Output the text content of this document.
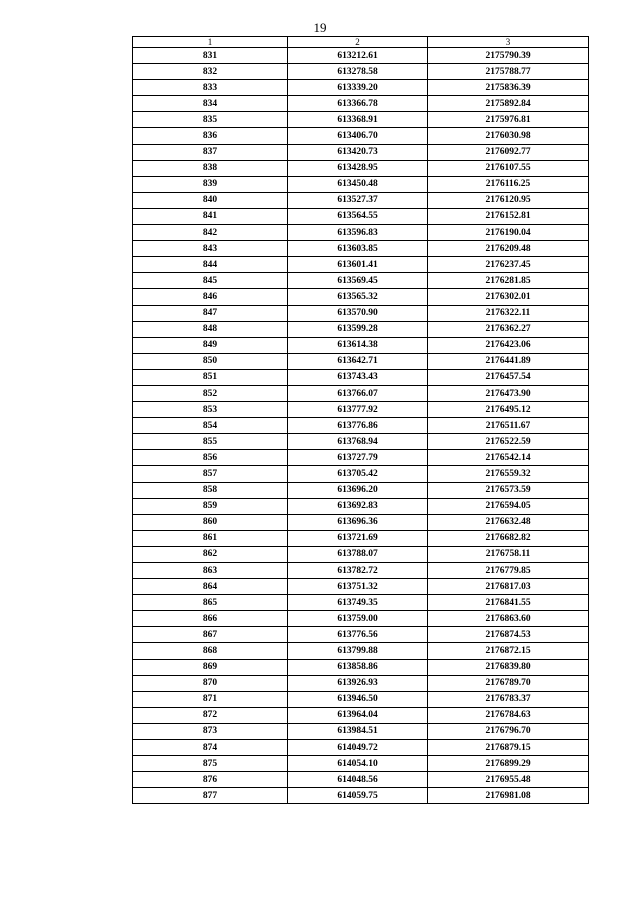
19
1	2	3
831	613212.61	2175790.39
832	613278.58	2175788.77
833	613339.20	2175836.39
834	613366.78	2175892.84
835	613368.91	2175976.81
836	613406.70	2176030.98
837	613420.73	2176092.77
838	613428.95	2176107.55
839	613450.48	2176116.25
840	613527.37	2176120.95
841	613564.55	2176152.81
842	613596.83	2176190.04
843	613603.85	2176209.48
844	613601.41	2176237.45
845	613569.45	2176281.85
846	613565.32	2176302.01
847	613570.90	2176322.11
848	613599.28	2176362.27
849	613614.38	2176423.06
850	613642.71	2176441.89
851	613743.43	2176457.54
852	613766.07	2176473.90
853	613777.92	2176495.12
854	613776.86	2176511.67
855	613768.94	2176522.59
856	613727.79	2176542.14
857	613705.42	2176559.32
858	613696.20	2176573.59
859	613692.83	2176594.05
860	613696.36	2176632.48
861	613721.69	2176682.82
862	613788.07	2176758.11
863	613782.72	2176779.85
864	613751.32	2176817.03
865	613749.35	2176841.55
866	613759.00	2176863.60
867	613776.56	2176874.53
868	613799.88	2176872.15
869	613858.86	2176839.80
870	613926.93	2176789.70
871	613946.50	2176783.37
872	613964.04	2176784.63
873	613984.51	2176796.70
874	614049.72	2176879.15
875	614054.10	2176899.29
876	614048.56	2176955.48
877	614059.75	2176981.08
